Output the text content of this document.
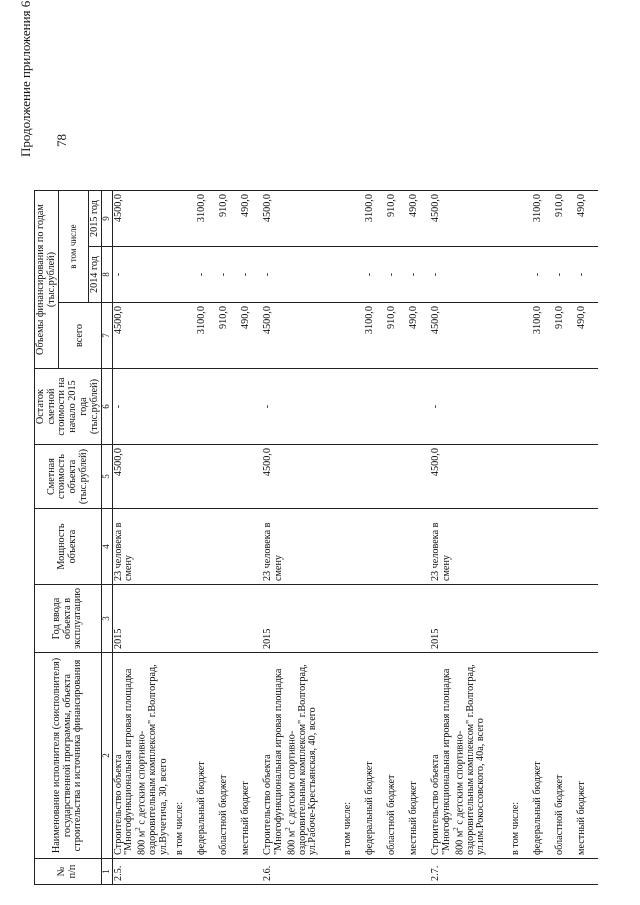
78
Продолжение приложения 6
№ п/п	Наименование исполнителя (соисполнителя) государственной программы, объекта строительства и источника финансирования	Год ввода объекта в эксплуатацию	Мощность объекта	Сметная стоимость объекта (тыс.рублей)	Остаток сметной стоимости на начало 2015 года (тыс.рублей)	Объемы финансирования по годам (тыс.рублей)		
						всего	в том числе	
							2014 год	2015 год
1	2	3	4	5	6	7	8	9
2.5.	Строительство объекта "Многофункциональная игровая площадка 800 $м^2$ с детским спортивно-оздоровительным комплексом" г.Волгоград, ул.Вучетича, 30, всего	2015	23 человека в смену	4500,0	-	4500,0	-	4500,0
	в том числе:							
	федеральный бюджет					3100,0	-	3100,0
	областной бюджет					910,0	-	910,0
	местный бюджет					490,0	-	490,0
2.6.	Строительство объекта "Многофункциональная игровая площадка 800 $м^2$ с детским спортивно-оздоровительным комплексом" г.Волгоград, ул.Рабоче-Крестьянская, 40, всего	2015	23 человека в смену	4500,0	-	4500,0	-	4500,0
	в том числе:							
	федеральный бюджет					3100,0	-	3100,0
	областной бюджет					910,0	-	910,0
	местный бюджет					490,0	-	490,0
2.7.	Строительство объекта "Многофункциональная игровая площадка 800 $м^2$ с детским спортивно-оздоровительным комплексом" г.Волгоград, ул.им.Рокоссовского, 40а, всего	2015	23 человека в смену	4500,0	-	4500,0	-	4500,0
	в том числе:							
	федеральный бюджет					3100,0	-	3100,0
	областной бюджет					910,0	-	910,0
	местный бюджет					490,0	-	490,0
